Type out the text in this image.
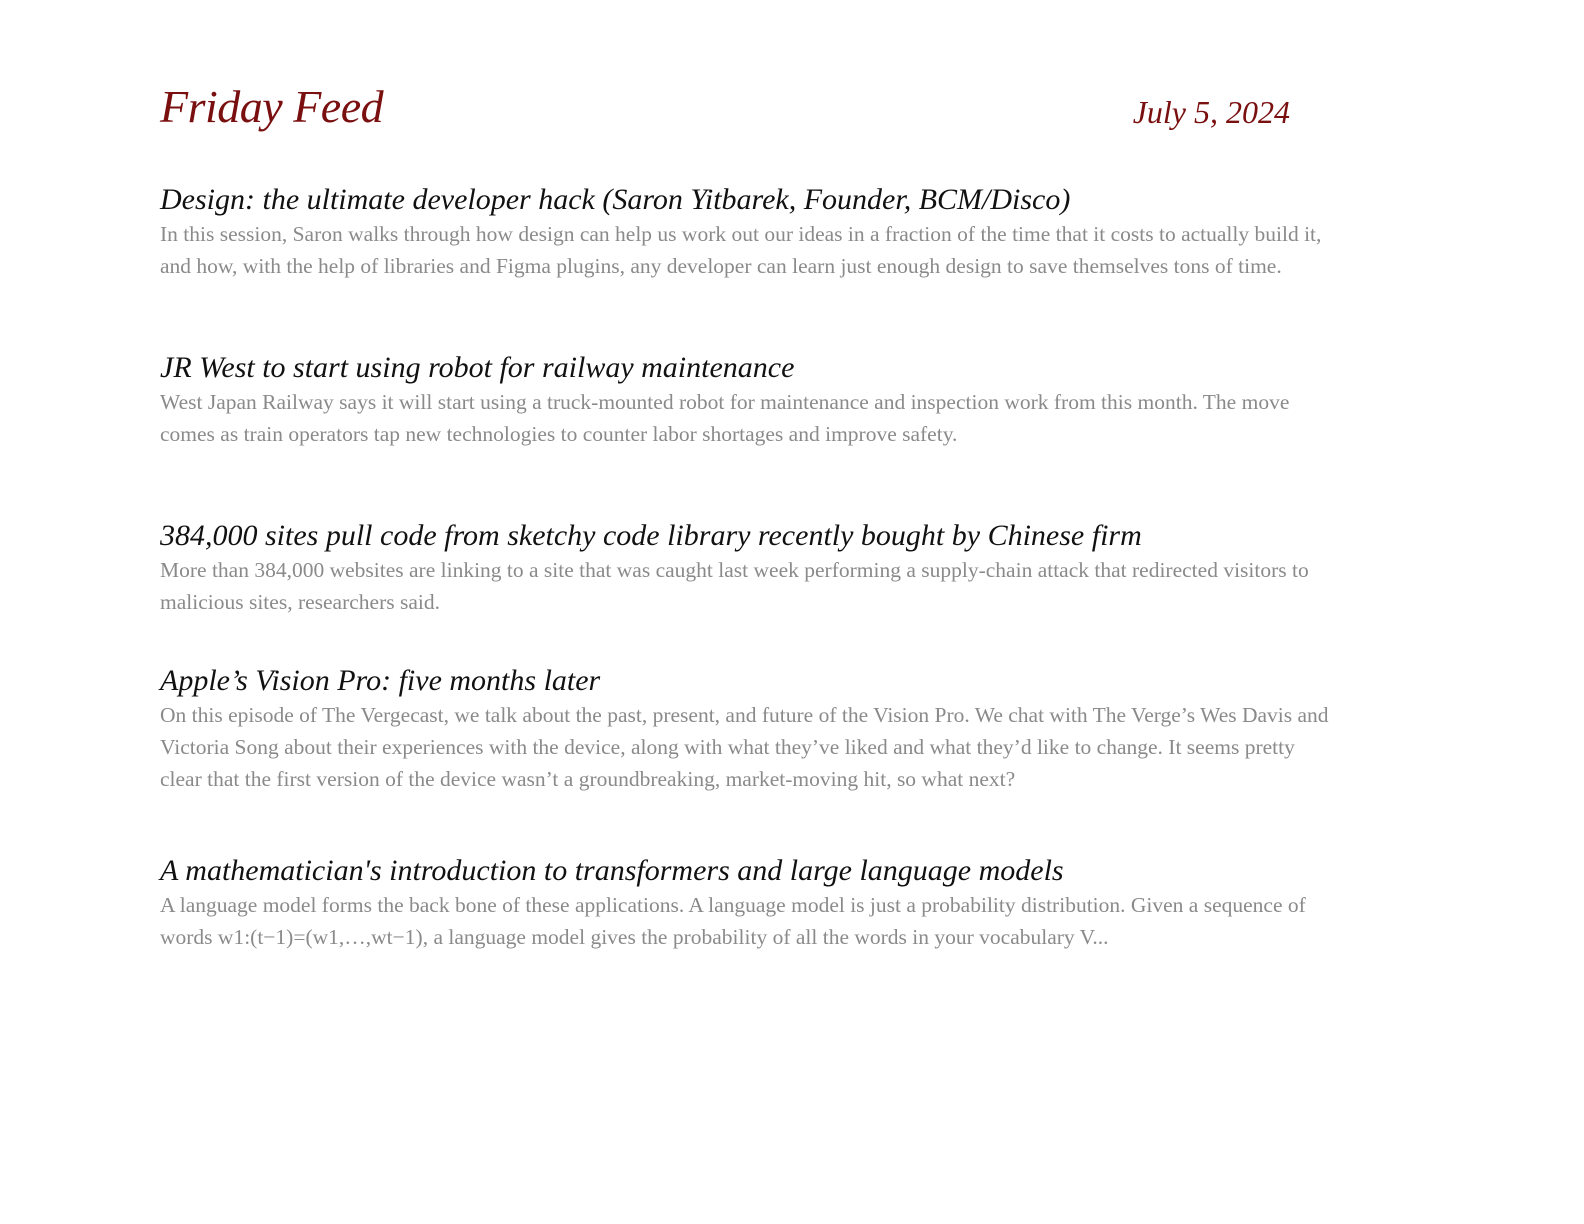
Friday Feed	July 5, 2024
Design: the ultimate developer hack (Saron Yitbarek, Founder, BCM/Disco)

In this session, Saron walks through how design can help us work out our ideas in a fraction of the time that it costs to actually build it, and how, with the help of libraries and Figma plugins, any developer can learn just enough design to save themselves tons of time.

JR West to start using robot for railway maintenance

West Japan Railway says it will start using a truck-mounted robot for maintenance and inspection work from this month. The move comes as train operators tap new technologies to counter labor shortages and improve safety.

384,000 sites pull code from sketchy code library recently bought by Chinese firm

More than 384,000 websites are linking to a site that was caught last week performing a supply-chain attack that redirected visitors to malicious sites, researchers said.

Apple’s Vision Pro: five months later

On this episode of The Vergecast, we talk about the past, present, and future of the Vision Pro. We chat with The Verge’s Wes Davis and Victoria Song about their experiences with the device, along with what they’ve liked and what they’d like to change. It seems pretty clear that the first version of the device wasn’t a groundbreaking, market-moving hit, so what next?

A mathematician's introduction to transformers and large language models

A language model forms the back bone of these applications. A language model is just a probability distribution. Given a sequence of words w1:(t−1)=(w1,…,wt−1), a language model gives the probability of all the words in your vocabulary V...
